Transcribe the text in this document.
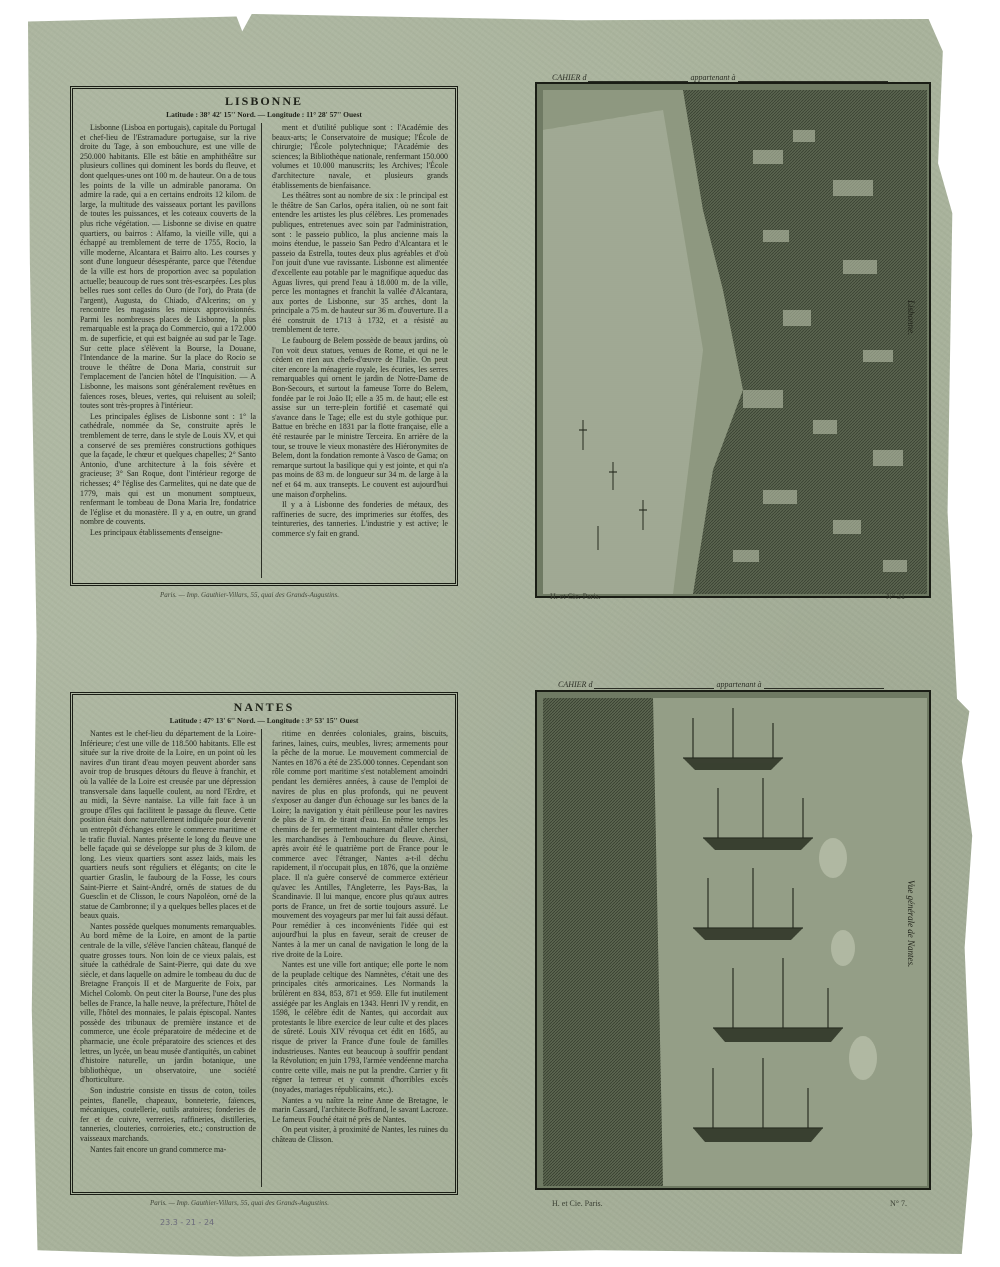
LISBONNE
Latitude : 38° 42' 15'' Nord. — Longitude : 11° 28' 57'' Ouest

Lisbonne (Lisboa en portugais), capitale du Portugal et chef-lieu de l'Estramadure portugaise, sur la rive droite du Tage, à son embouchure, est une ville de 250.000 habitants. Elle est bâtie en amphithéâtre sur plusieurs collines qui dominent les bords du fleuve, et dont quelques-unes ont 100 m. de hauteur. On a de tous les points de la ville un admirable panorama. On admire la rade, qui a en certains endroits 12 kilom. de large, la multitude des vaisseaux portant les pavillons de toutes les puissances, et les coteaux couverts de la plus riche végétation. — Lisbonne se divise en quatre quartiers, ou bairros : Alfamo, la vieille ville, qui a échappé au tremblement de terre de 1755, Rocio, la ville moderne, Alcantara et Bairro alto. Les courses y sont d'une longueur désespérante, parce que l'étendue de la ville est hors de proportion avec sa population actuelle; beaucoup de rues sont très-escarpées. Les plus belles rues sont celles do Ouro (de l'or), do Prata (de l'argent), Augusta, do Chiado, d'Alcerins; on y rencontre les magasins les mieux approvisionnés. Parmi les nombreuses places de Lisbonne, la plus remarquable est la praça do Commercio, qui a 172.000 m. de superficie, et qui est baignée au sud par le Tage. Sur cette place s'élèvent la Bourse, la Douane, l'Intendance de la marine. Sur la place do Rocio se trouve le théâtre de Dona Maria, construit sur l'emplacement de l'ancien hôtel de l'Inquisition. — A Lisbonne, les maisons sont généralement revêtues en faïences roses, bleues, vertes, qui reluisent au soleil; toutes sont très-propres à l'intérieur.

Les principales églises de Lisbonne sont : 1° la cathédrale, nommée da Se, construite après le tremblement de terre, dans le style de Louis XV, et qui a conservé de ses premières constructions gothiques que la façade, le chœur et quelques chapelles; 2° Santo Antonio, d'une architecture à la fois sévère et gracieuse; 3° San Roque, dont l'intérieur regorge de richesses; 4° l'église des Carmelites, qui ne date que de 1779, mais qui est un monument somptueux, renfermant le tombeau de Dona Maria Ire, fondatrice de l'église et du monastère. Il y a, en outre, un grand nombre de couvents.

Les principaux établissements d'enseigne-

ment et d'utilité publique sont : l'Académie des beaux-arts; le Conservatoire de musique; l'École de chirurgie; l'École polytechnique; l'Académie des sciences; la Bibliothèque nationale, renfermant 150.000 volumes et 10.000 manuscrits; les Archives; l'École d'architecture navale, et plusieurs grands établissements de bienfaisance.

Les théâtres sont au nombre de six : le principal est le théâtre de San Carlos, opéra italien, où ne sont fait entendre les artistes les plus célèbres. Les promenades publiques, entretenues avec soin par l'administration, sont : le passeio publico, la plus ancienne mais la moins étendue, le passeio San Pedro d'Alcantara et le passeio da Estrella, toutes deux plus agréables et d'où l'on jouit d'une vue ravissante. Lisbonne est alimentée d'excellente eau potable par le magnifique aqueduc das Aguas livres, qui prend l'eau à 18.000 m. de la ville, perce les montagnes et franchit la vallée d'Alcantara, aux portes de Lisbonne, sur 35 arches, dont la principale a 75 m. de hauteur sur 36 m. d'ouverture. Il a été construit de 1713 à 1732, et a résisté au tremblement de terre.

Le faubourg de Belem possède de beaux jardins, où l'on voit deux statues, venues de Rome, et qui ne le cèdent en rien aux chefs-d'œuvre de l'Italie. On peut citer encore la ménagerie royale, les écuries, les serres remarquables qui ornent le jardin de Notre-Dame de Bon-Secours, et surtout la fameuse Torre do Belem, fondée par le roi João II; elle a 35 m. de haut; elle est assise sur un terre-plein fortifié et casematé qui s'avance dans le Tage; elle est du style gothique pur. Battue en brèche en 1831 par la flotte française, elle a été restaurée par le ministre Terceira. En arrière de la tour, se trouve le vieux monastère des Hiéronymites de Belem, dont la fondation remonte à Vasco de Gama; on remarque surtout la basilique qui y est jointe, et qui n'a pas moins de 83 m. de longueur sur 34 m. de large à la nef et 64 m. aux transepts. Le couvent est aujourd'hui une maison d'orphelins.

Il y a à Lisbonne des fonderies de métaux, des raffineries de sucre, des imprimeries sur étoffes, des teintureries, des tanneries. L'industrie y est active; le commerce s'y fait en grand.

Paris. — Imp. Gauthier-Villars, 55, quai des Grands-Augustins.
CAHIER d	appartenant à
Lisbonne.
H. et Cie. Paris.	N° 31
NANTES
Latitude : 47° 13' 6'' Nord. — Longitude : 3° 53' 15'' Ouest

Nantes est le chef-lieu du département de la Loire-Inférieure; c'est une ville de 118.500 habitants. Elle est située sur la rive droite de la Loire, en un point où les navires d'un tirant d'eau moyen peuvent aborder sans avoir trop de brusques détours du fleuve à franchir, et où la vallée de la Loire est creusée par une dépression transversale dans laquelle coulent, au nord l'Erdre, et au midi, la Sèvre nantaise. La ville fait face à un groupe d'îles qui facilitent le passage du fleuve. Cette position était donc naturellement indiquée pour devenir un entrepôt d'échanges entre le commerce maritime et le trafic fluvial. Nantes présente le long du fleuve une belle façade qui se développe sur plus de 3 kilom. de long. Les vieux quartiers sont assez laids, mais les quartiers neufs sont réguliers et élégants; on cite le quartier Graslin, le faubourg de la Fosse, les cours Saint-Pierre et Saint-André, ornés de statues de du Guesclin et de Clisson, le cours Napoléon, orné de la statue de Cambronne; il y a quelques belles places et de beaux quais.

Nantes possède quelques monuments remarquables. Au bord même de la Loire, en amont de la partie centrale de la ville, s'élève l'ancien château, flanqué de quatre grosses tours. Non loin de ce vieux palais, est située la cathédrale de Saint-Pierre, qui date du xve siècle, et dans laquelle on admire le tombeau du duc de Bretagne François II et de Marguerite de Foix, par Michel Colomb. On peut citer la Bourse, l'une des plus belles de France, la halle neuve, la préfecture, l'hôtel de ville, l'hôtel des monnaies, le palais épiscopal. Nantes possède des tribunaux de première instance et de commerce, une école préparatoire de médecine et de pharmacie, une école préparatoire des sciences et des lettres, un lycée, un beau musée d'antiquités, un cabinet d'histoire naturelle, un jardin botanique, une bibliothèque, un observatoire, une société d'horticulture.

Son industrie consiste en tissus de coton, toiles peintes, flanelle, chapeaux, bonneterie, faïences, mécaniques, coutellerie, outils aratoires; fonderies de fer et de cuivre, verreries, raffineries, distilleries, tanneries, clouteries, corroieries, etc.; construction de vaisseaux marchands.

Nantes fait encore un grand commerce ma-

ritime en denrées coloniales, grains, biscuits, farines, laines, cuirs, meubles, livres; armements pour la pêche de la morue. Le mouvement commercial de Nantes en 1876 a été de 235.000 tonnes. Cependant son rôle comme port maritime s'est notablement amoindri pendant les dernières années, à cause de l'emploi de navires de plus en plus profonds, qui ne peuvent s'exposer au danger d'un échouage sur les bancs de la Loire; la navigation y était périlleuse pour les navires de plus de 3 m. de tirant d'eau. En même temps les chemins de fer permettent maintenant d'aller chercher les marchandises à l'embouchure du fleuve. Ainsi, après avoir été le quatrième port de France pour le commerce avec l'étranger, Nantes a-t-il déchu rapidement, il n'occupait plus, en 1876, que la onzième place. Il n'a guère conservé de commerce extérieur qu'avec les Antilles, l'Angleterre, les Pays-Bas, la Scandinavie. Il lui manque, encore plus qu'aux autres ports de France, un fret de sortie toujours assuré. Le mouvement des voyageurs par mer lui fait aussi défaut. Pour remédier à ces inconvénients l'idée qui est aujourd'hui la plus en faveur, serait de creuser de Nantes à la mer un canal de navigation le long de la rive droite de la Loire.

Nantes est une ville fort antique; elle porte le nom de la peuplade celtique des Namnètes, c'était une des principales cités armoricaines. Les Normands la brûlèrent en 834, 853, 871 et 959. Elle fut inutilement assiégée par les Anglais en 1343. Henri IV y rendit, en 1598, le célèbre édit de Nantes, qui accordait aux protestants le libre exercice de leur culte et des places de sûreté. Louis XIV révoqua cet édit en 1685, au risque de priver la France d'une foule de familles industrieuses. Nantes eut beaucoup à souffrir pendant la Révolution; en juin 1793, l'armée vendéenne marcha contre cette ville, mais ne put la prendre. Carrier y fit régner la terreur et y commit d'horribles excès (noyades, mariages républicains, etc.).

Nantes a vu naître la reine Anne de Bretagne, le marin Cassard, l'architecte Boffrand, le savant Lacroze. Le fameux Fouché était né près de Nantes.

On peut visiter, à proximité de Nantes, les ruines du château de Clisson.

Paris. — Imp. Gauthier-Villars, 55, quai des Grands-Augustins.
23.3 - 21 - 24
CAHIER d	appartenant à
Vue générale de Nantes.
H. et Cie. Paris.	N° 7.
